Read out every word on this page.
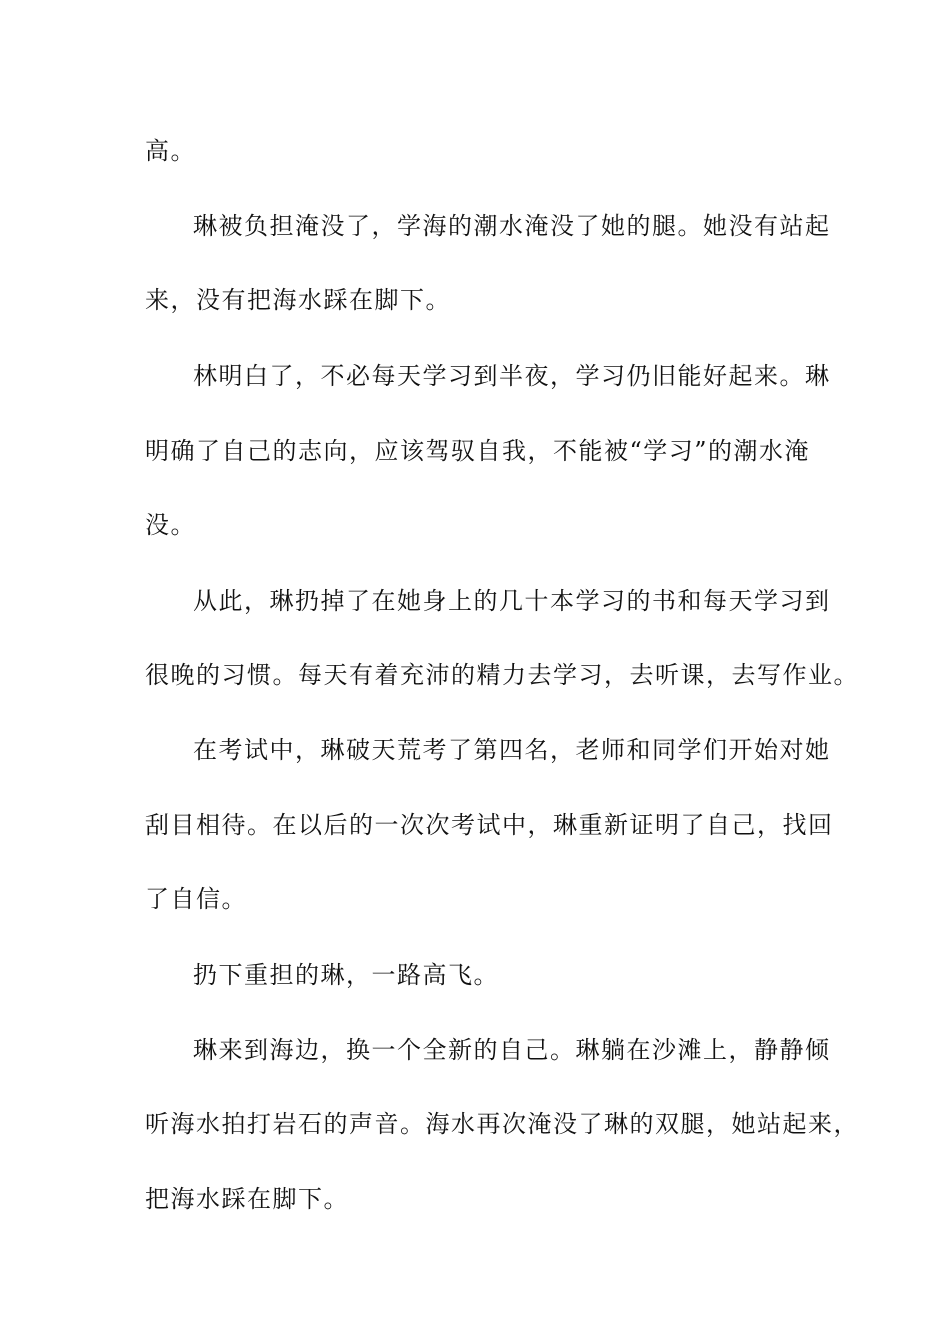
高。
琳被负担淹没了，学海的潮水淹没了她的腿。她没有站起
来，没有把海水踩在脚下。
林明白了，不必每天学习到半夜，学习仍旧能好起来。琳
明确了自己的志向，应该驾驭自我，不能被“学习”的潮水淹
没。
从此，琳扔掉了在她身上的几十本学习的书和每天学习到
很晚的习惯。每天有着充沛的精力去学习，去听课，去写作业。
在考试中，琳破天荒考了第四名，老师和同学们开始对她
刮目相待。在以后的一次次考试中，琳重新证明了自己，找回
了自信。
扔下重担的琳，一路高飞。
琳来到海边，换一个全新的自己。琳躺在沙滩上，静静倾
听海水拍打岩石的声音。海水再次淹没了琳的双腿，她站起来，
把海水踩在脚下。
